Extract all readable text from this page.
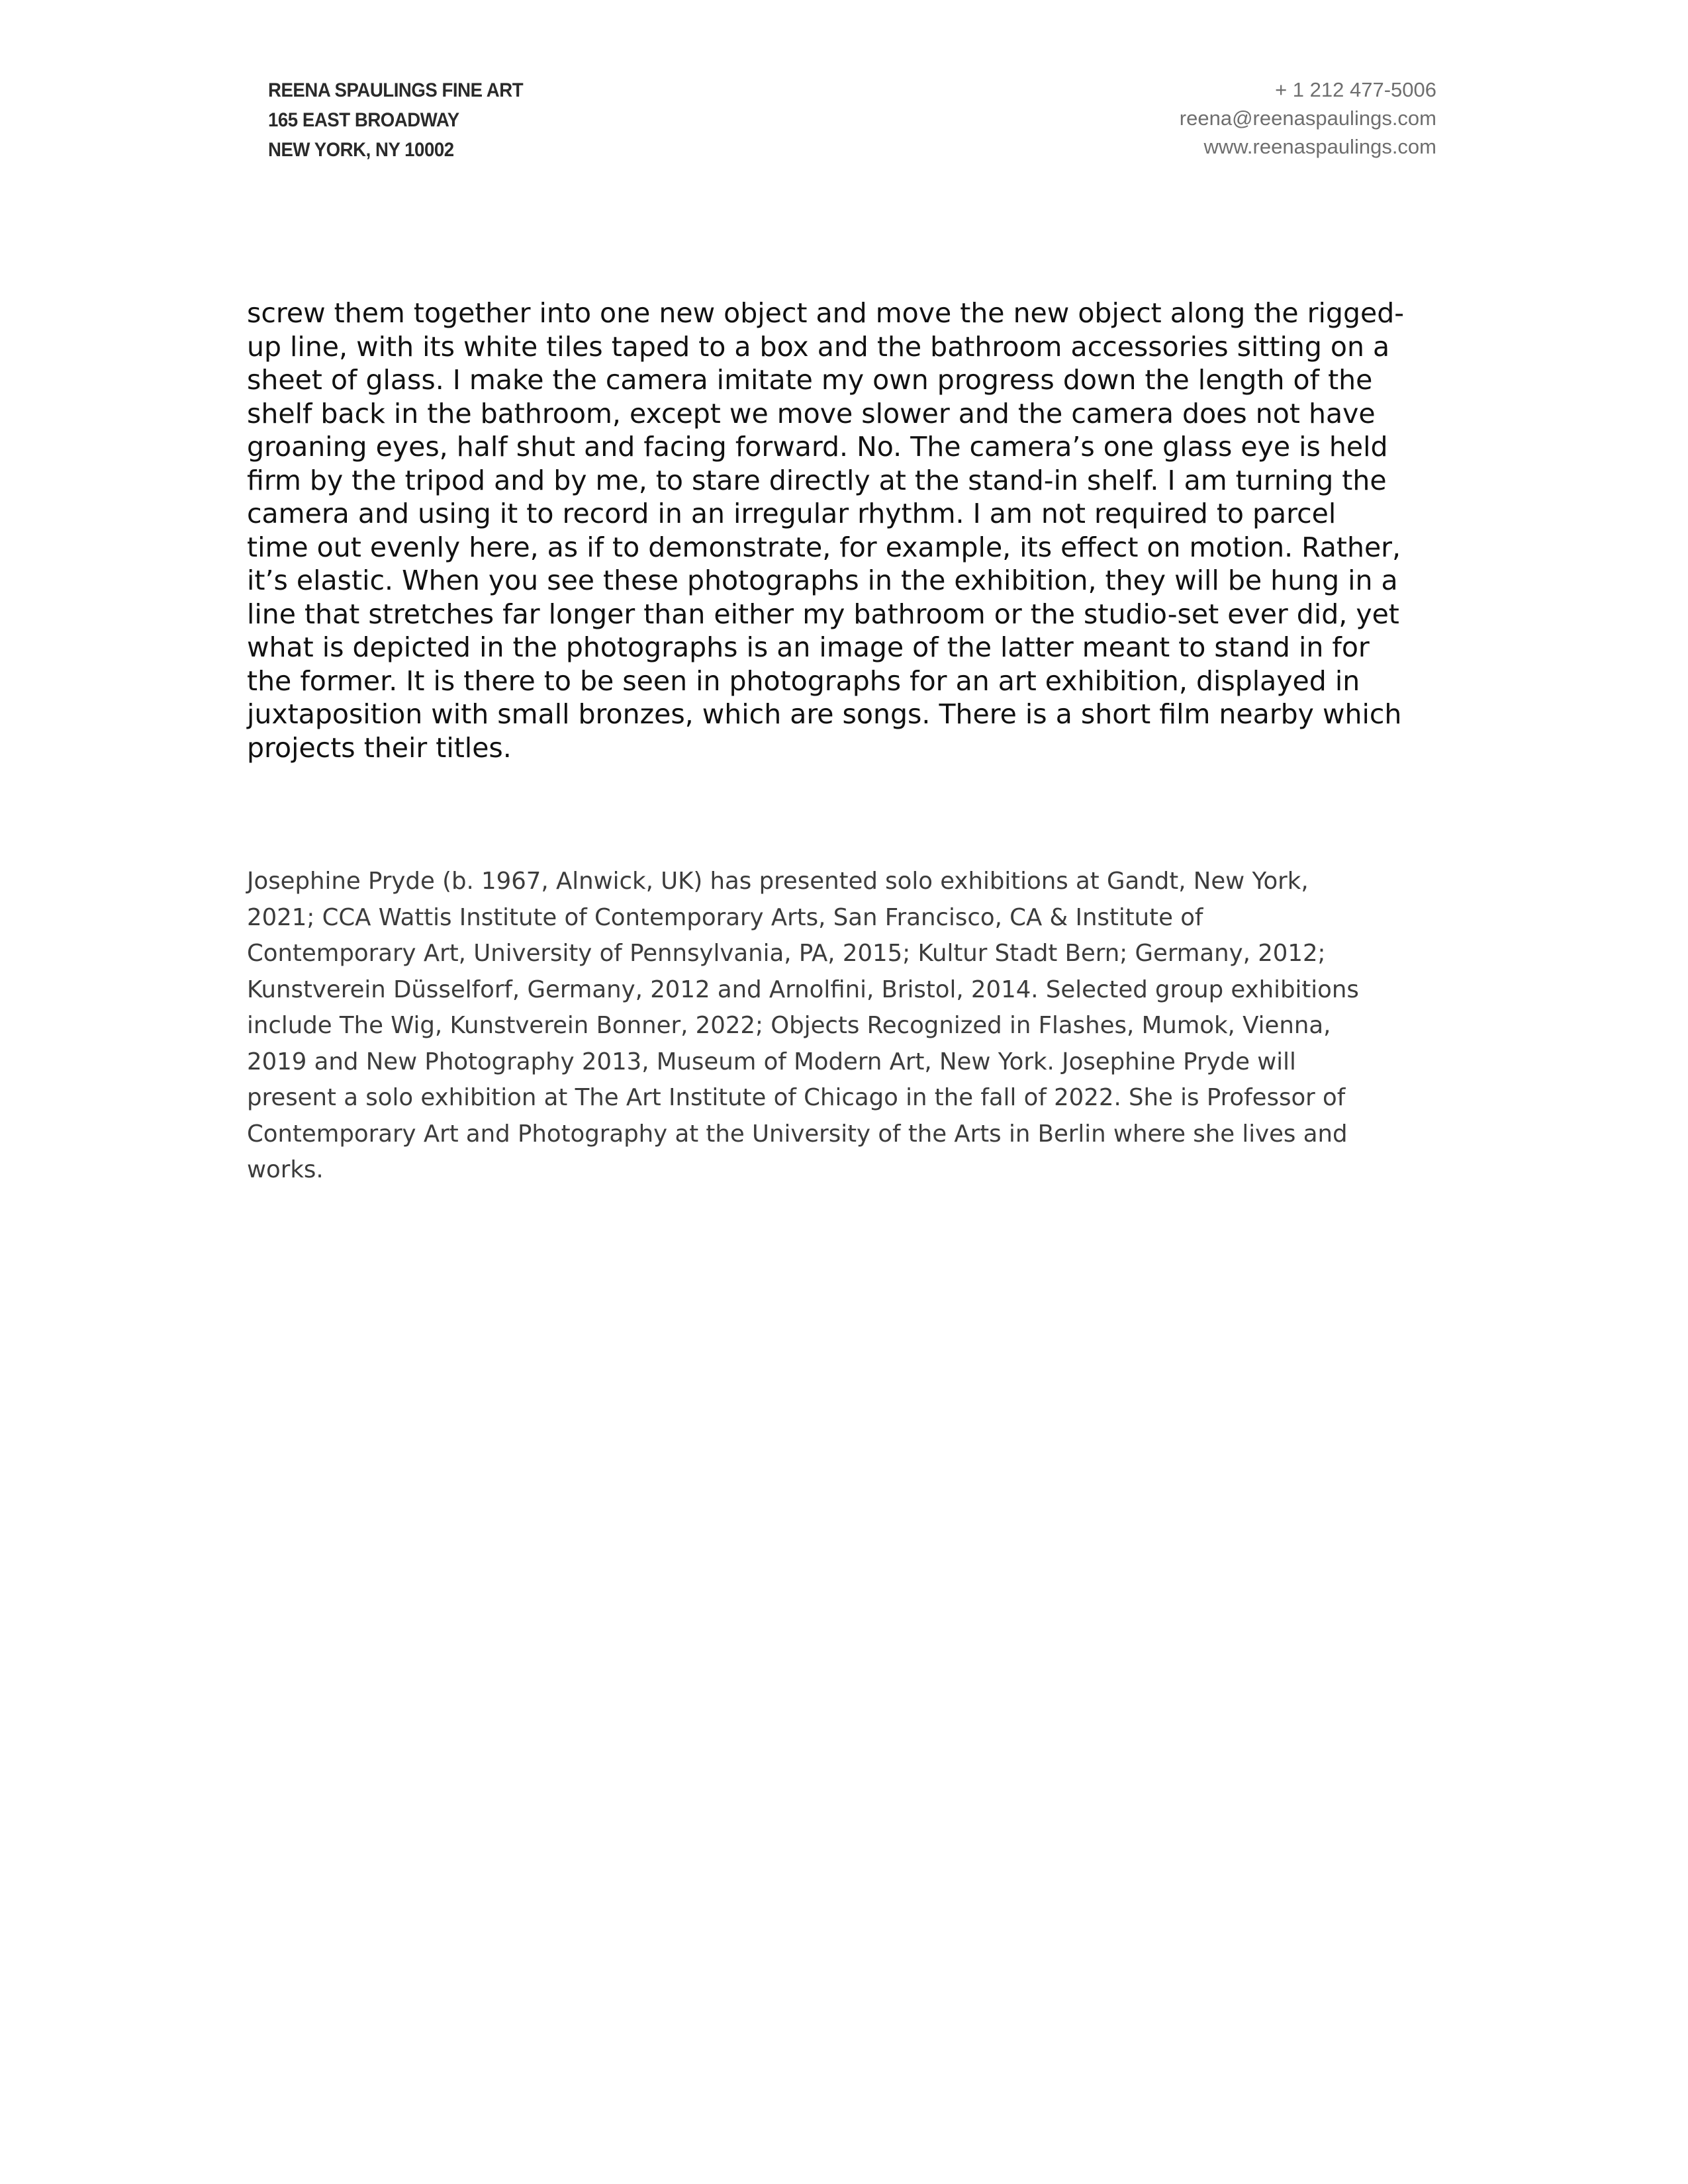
REENA SPAULINGS FINE ART
165 EAST BROADWAY
NEW YORK, NY 10002
+ 1 212 477-5006
reena@reenaspaulings.com
www.reenaspaulings.com
screw them together into one new object and move the new object along the rigged-
up line, with its white tiles taped to a box and the bathroom accessories sitting on a
sheet of glass. I make the camera imitate my own progress down the length of the
shelf back in the bathroom, except we move slower and the camera does not have
groaning eyes, half shut and facing forward. No. The camera’s one glass eye is held
firm by the tripod and by me, to stare directly at the stand-in shelf. I am turning the
camera and using it to record in an irregular rhythm. I am not required to parcel
time out evenly here, as if to demonstrate, for example, its effect on motion. Rather,
it’s elastic. When you see these photographs in the exhibition, they will be hung in a
line that stretches far longer than either my bathroom or the studio-set ever did, yet
what is depicted in the photographs is an image of the latter meant to stand in for
the former. It is there to be seen in photographs for an art exhibition, displayed in
juxtaposition with small bronzes, which are songs. There is a short film nearby which
projects their titles.
Josephine Pryde (b. 1967, Alnwick, UK) has presented solo exhibitions at Gandt, New York,
2021; CCA Wattis Institute of Contemporary Arts, San Francisco, CA & Institute of
Contemporary Art, University of Pennsylvania, PA, 2015; Kultur Stadt Bern; Germany, 2012;
Kunstverein Düsselforf, Germany, 2012 and Arnolfini, Bristol, 2014. Selected group exhibitions
include The Wig, Kunstverein Bonner, 2022; Objects Recognized in Flashes, Mumok, Vienna,
2019 and New Photography 2013, Museum of Modern Art, New York. Josephine Pryde will
present a solo exhibition at The Art Institute of Chicago in the fall of 2022. She is Professor of
Contemporary Art and Photography at the University of the Arts in Berlin where she lives and
works.
